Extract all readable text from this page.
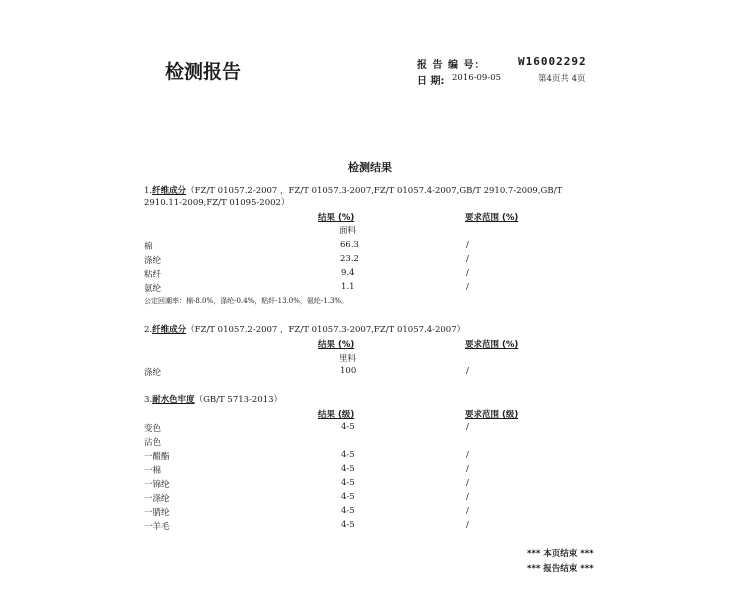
检测报告	报 告 编 号：	W16002292
日 期: 2016-09-05	第4页共 4页
检测结果
1.纤维成分（FZ/T 01057.2-2007 ，FZ/T 01057.3-2007,FZ/T 01057.4-2007,GB/T 2910.7-2009,GB/T
2910.11-2009,FZ/T 01095-2002）
结果 (%)	要求范围 (%)
面料
棉	66.3	/
涤纶	23.2	/
粘纤	9.4	/
氨纶	1.1	/
公定回潮率：棉-8.0%，涤纶-0.4%，粘纤-13.0%，氨纶-1.3%。
2.纤维成分（FZ/T 01057.2-2007 ，FZ/T 01057.3-2007,FZ/T 01057.4-2007）
结果 (%)	要求范围 (%)
里料
涤纶	100	/
3.耐水色牢度（GB/T 5713-2013）
结果 (级)	要求范围 (级)
变色	4-5	/
沾色
一醋酯	4-5	/
一棉	4-5	/
一锦纶	4-5	/
一涤纶	4-5	/
一腈纶	4-5	/
一羊毛	4-5	/
*** 本页结束 ***
*** 报告结束 ***
